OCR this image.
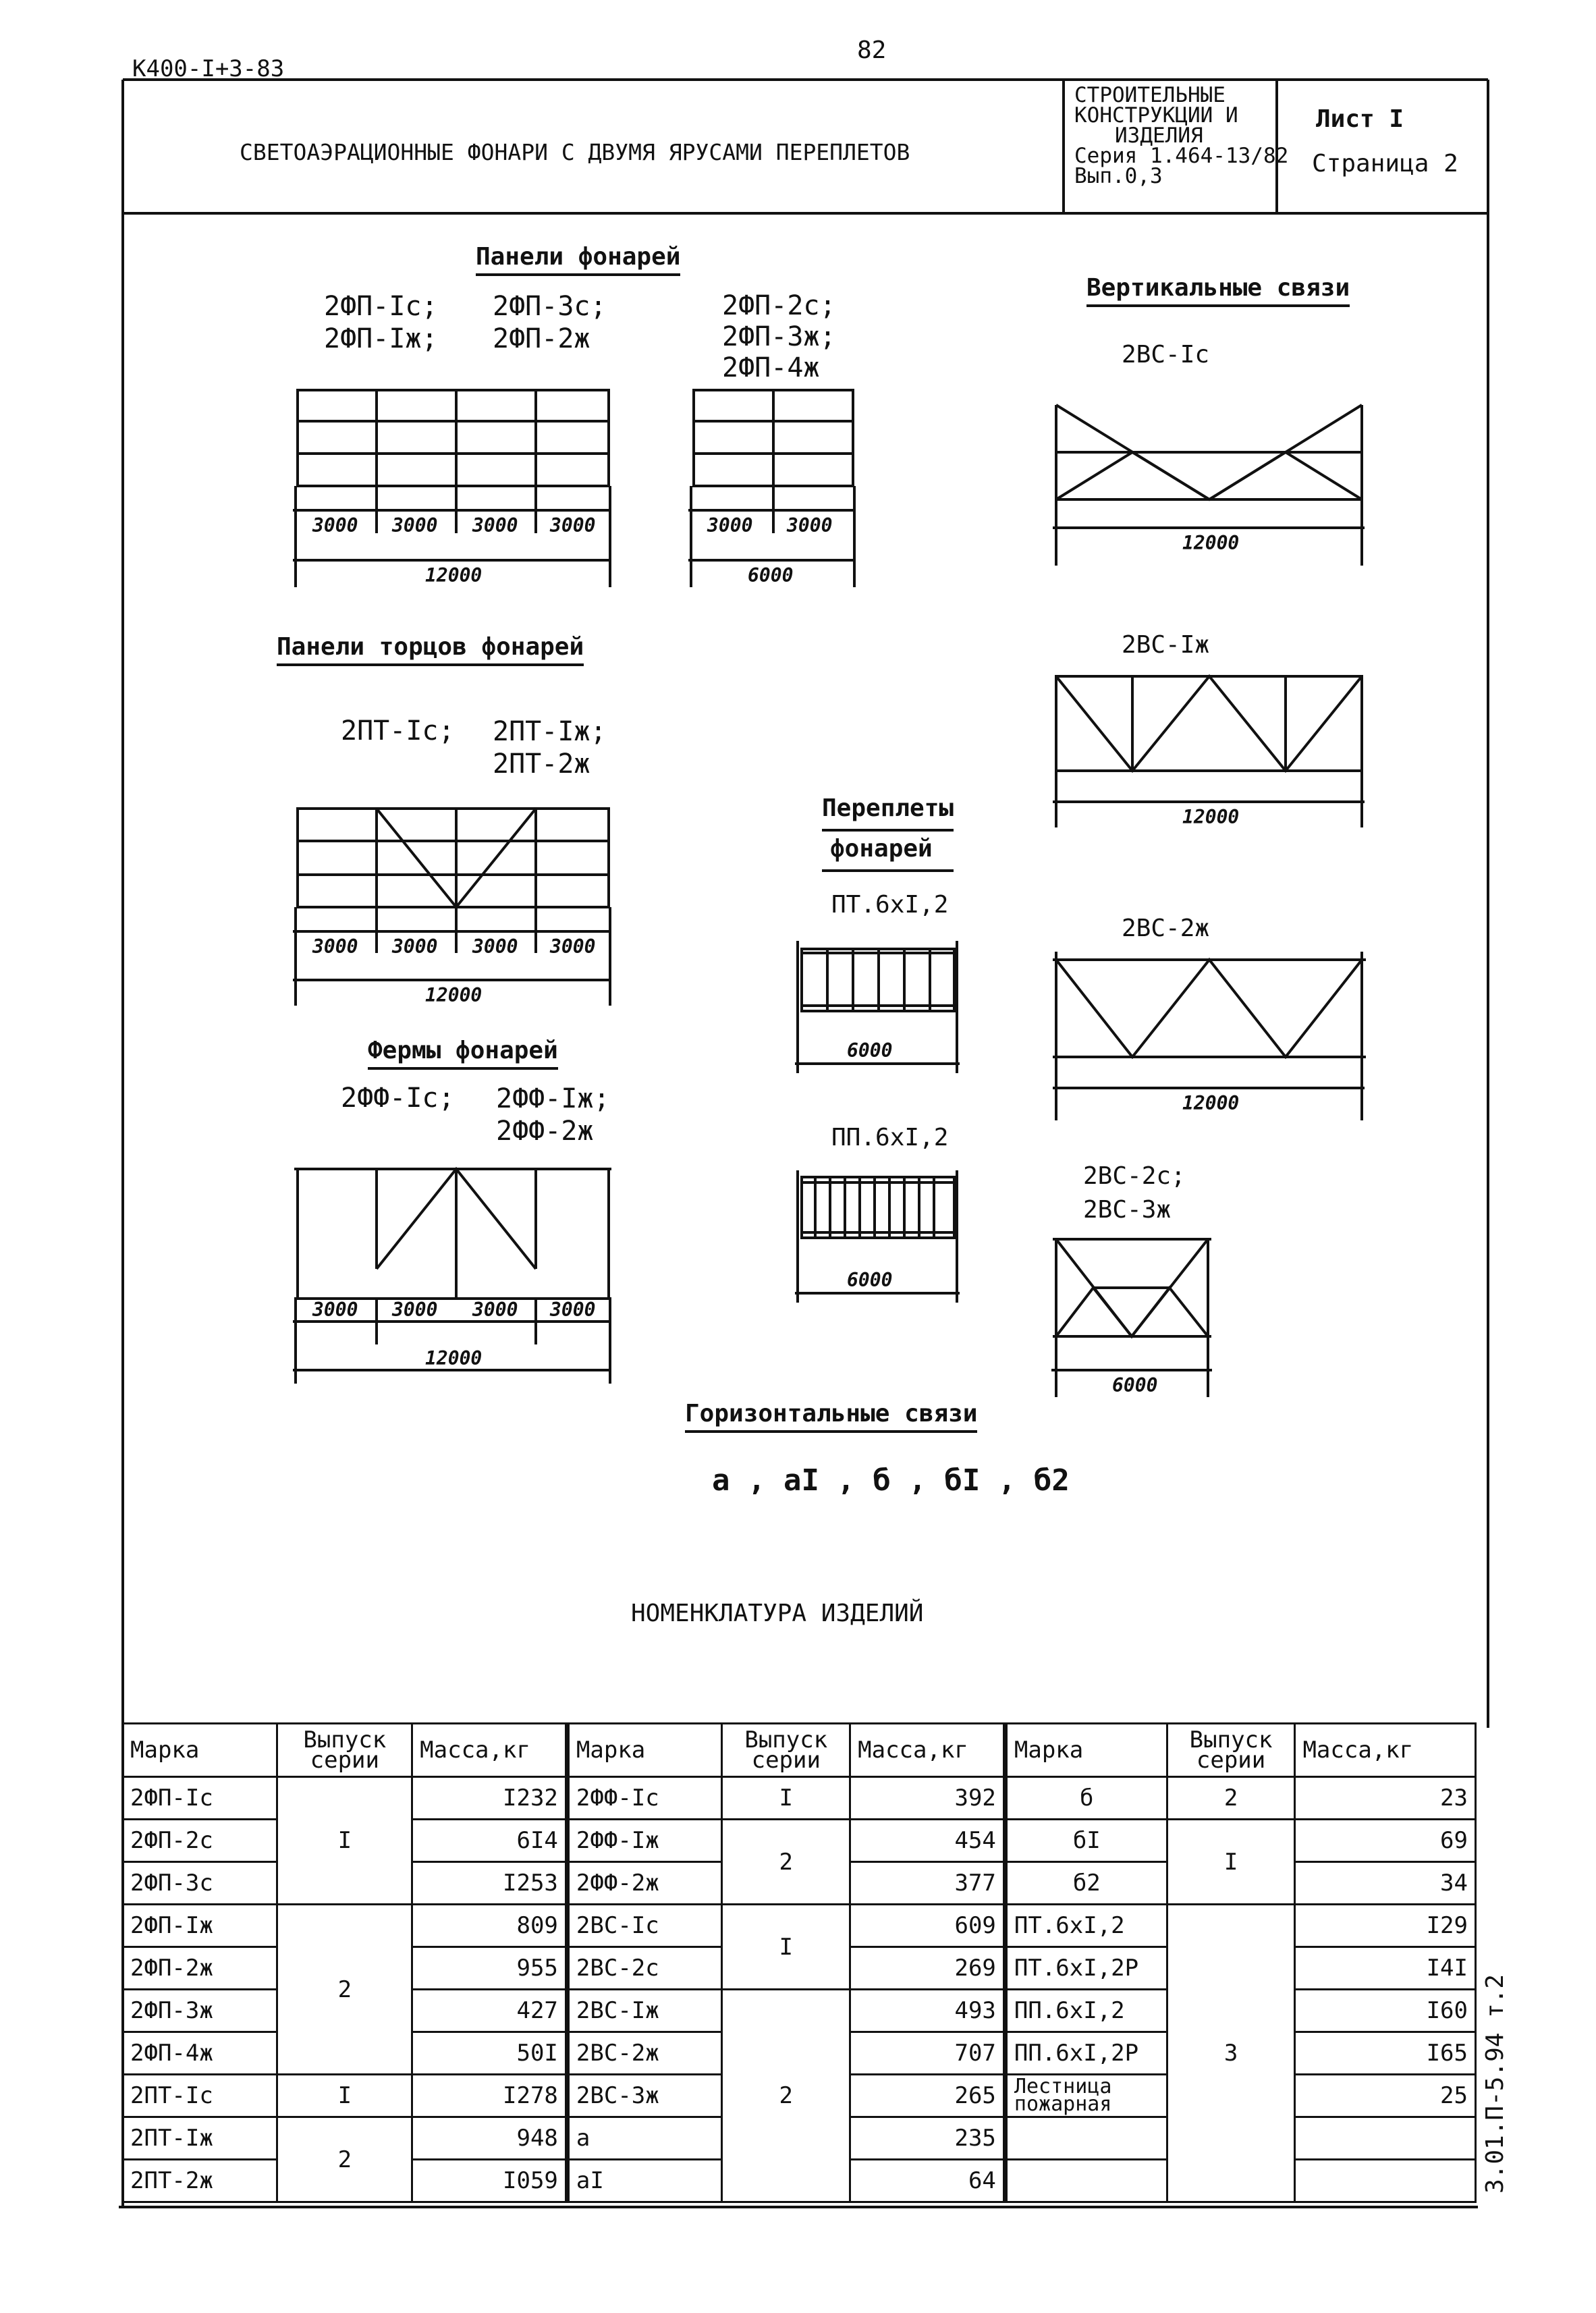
82
К400-I+3-83
СВЕТОАЭРАЦИОННЫЕ ФОНАРИ С ДВУМЯ ЯРУСАМИ ПЕРЕПЛЕТОВ
СТРОИТЕЛЬНЫЕ
КОНСТРУКЦИИ И
ИЗДЕЛИЯ
Серия 1.464-13/82
Вып.0,3
Лист I
Страница 2
3.01.П-5.94 т.2
Панели фонарей
2ФП-Iс;
2ФП-Iж;
2ФП-3с;
2ФП-2ж
2ФП-2с;
2ФП-3ж;
2ФП-4ж
Вертикальные связи
2ВС-Iс
2ВС-Iж
2ВС-2ж
2ВС-2с;
2ВС-3ж
Панели торцов фонарей
2ПТ-Iс; 2ПТ-Iж;
2ПТ-2ж
Переплеты
фонарей
ПТ.6хI,2
ПП.6хI,2
Фермы фонарей
2ФФ-Iс; 2ФФ-Iж;
2ФФ-2ж
Горизонтальные связи
а , аI , б , бI , б2
НОМЕНКЛАТУРА ИЗДЕЛИЙ
3000 3000 3000 3000
12000
3000 3000
6000
12000
12000
12000
6000
3000 3000 3000 3000
12000
6000
6000
3000 3000 3000 3000
12000
Марка	Выпуск серии	Масса,кг	Марка	Выпуск серии	Масса,кг	Марка	Выпуск серии	Масса,кг
2ФП-Iс	I	I232	2ФФ-Iс	I	392	б	2	23
2ФП-2с		6I4	2ФФ-Iж	2	454	бI	I	69
2ФП-3с		I253	2ФФ-2ж		377	б2		34
2ФП-Iж	2	809	2ВС-Iс	I	609	ПТ.6хI,2	3	I29
2ФП-2ж		955	2ВС-2с		269	ПТ.6хI,2Р		I4I
2ФП-3ж		427	2ВС-Iж	2	493	ПП.6хI,2		I60
2ФП-4ж		50I	2ВС-2ж		707	ПП.6хI,2Р		I65
2ПТ-Iс	I	I278	2ВС-3ж		265	Лестница пожарная		25
2ПТ-Iж	2	948	а		235			
2ПТ-2ж		I059	аI		64			
